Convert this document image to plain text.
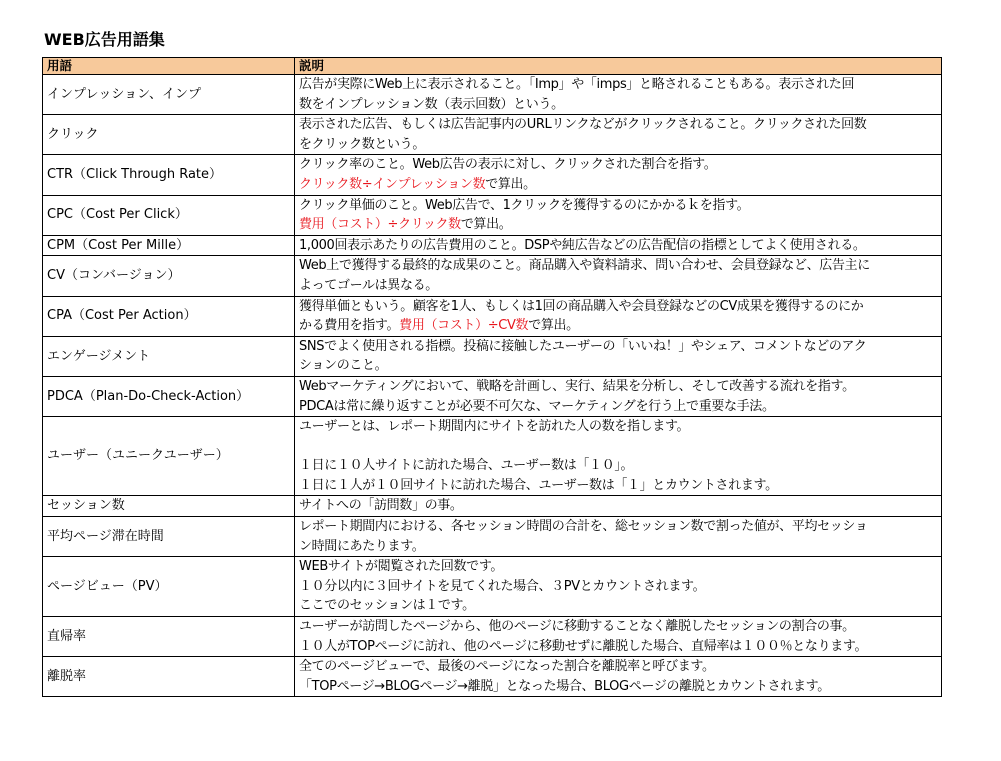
WEB広告用語集
用語	説明
インプレッション、インプ	広告が実際にWeb上に表示されること。「Imp」や「imps」と略されることもある。表示された回
数をインプレッション数（表示回数）という。

クリック	表示された広告、もしくは広告記事内のURLリンクなどがクリックされること。クリックされた回数
をクリック数という。

CTR（Click Through Rate）	クリック率のこと。Web広告の表示に対し、クリックされた割合を指す。
クリック数÷インプレッション数で算出。

CPC（Cost Per Click）	クリック単価のこと。Web広告で、1クリックを獲得するのにかかるｋを指す。
費用（コスト）÷クリック数で算出。

CPM（Cost Per Mille）	1,000回表示あたりの広告費用のこと。DSPや純広告などの広告配信の指標としてよく使用される。

CV（コンバージョン）	Web上で獲得する最終的な成果のこと。商品購入や資料請求、問い合わせ、会員登録など、広告主に
よってゴールは異なる。

CPA（Cost Per Action）	獲得単価ともいう。顧客を1人、もしくは1回の商品購入や会員登録などのCV成果を獲得するのにか
かる費用を指す。費用（コスト）÷CV数で算出。

エンゲージメント	SNSでよく使用される指標。投稿に接触したユーザーの「いいね！」やシェア、コメントなどのアク
ションのこと。

PDCA（Plan-Do-Check-Action）	Webマーケティングにおいて、戦略を計画し、実行、結果を分析し、そして改善する流れを指す。
PDCAは常に繰り返すことが必要不可欠な、マーケティングを行う上で重要な手法。

ユーザー（ユニークユーザー）	ユーザーとは、レポート期間内にサイトを訪れた人の数を指します。
１日に１０人サイトに訪れた場合、ユーザー数は「１０」。
１日に１人が１０回サイトに訪れた場合、ユーザー数は「１」とカウントされます。

セッション数	サイトへの「訪問数」の事。

平均ページ滞在時間	レポート期間内における、各セッション時間の合計を、総セッション数で割った値が、平均セッショ
ン時間にあたります。

ページビュー（PV）	WEBサイトが閲覧された回数です。
１０分以内に３回サイトを見てくれた場合、３PVとカウントされます。
ここでのセッションは１です。

直帰率	ユーザーが訪問したページから、他のページに移動することなく離脱したセッションの割合の事。
１０人がTOPページに訪れ、他のページに移動せずに離脱した場合、直帰率は１００％となります。

離脱率	全てのページビューで、最後のページになった割合を離脱率と呼びます。
「TOPページ→BLOGページ→離脱」となった場合、BLOGページの離脱とカウントされます。
